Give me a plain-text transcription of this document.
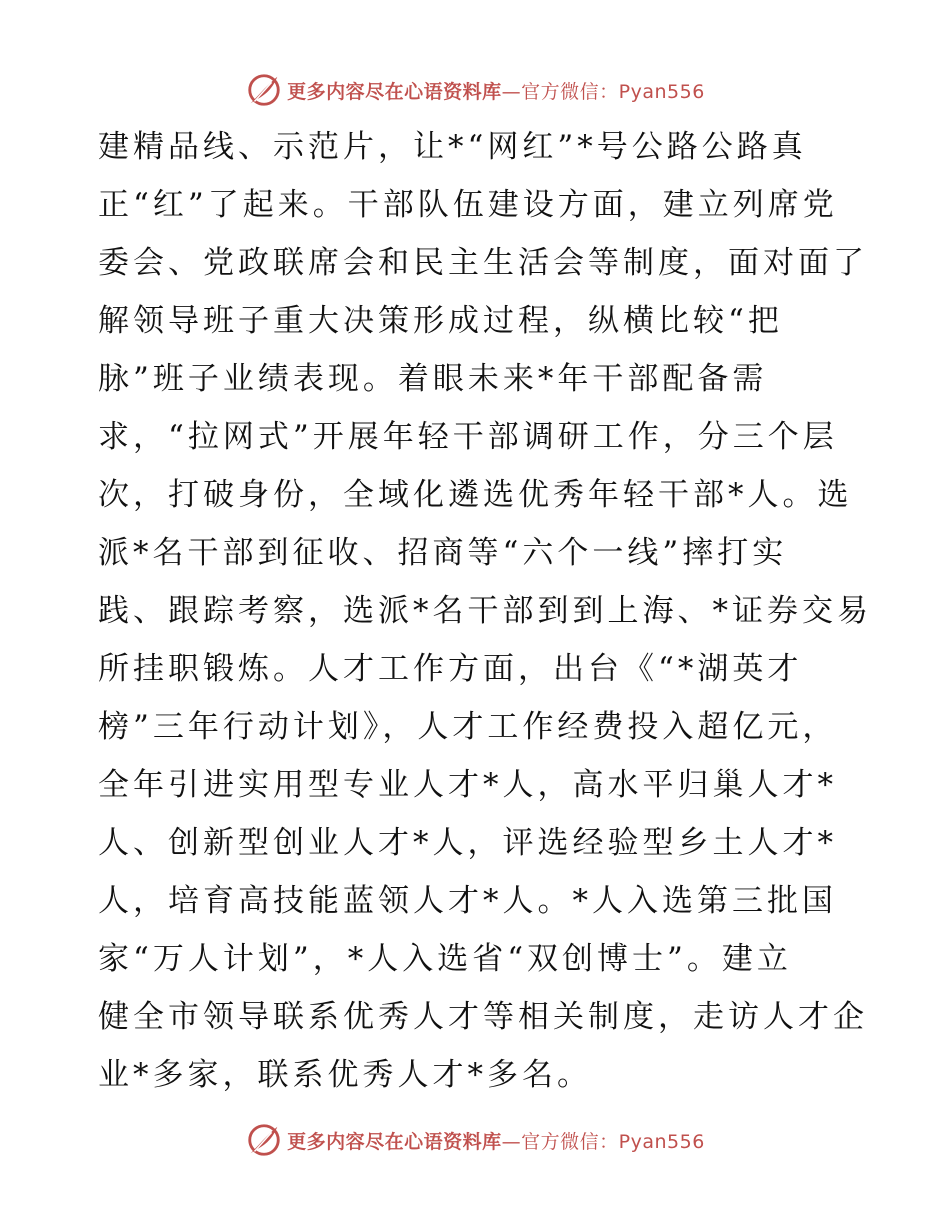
更多内容尽在心语资料库—官方微信：Pyan556
建精品线、示范片，让*“网红”*号公路公路真
正“红”了起来。干部队伍建设方面，建立列席党
委会、党政联席会和民主生活会等制度，面对面了
解领导班子重大决策形成过程，纵横比较“把
脉”班子业绩表现。着眼未来*年干部配备需
求，“拉网式”开展年轻干部调研工作，分三个层
次，打破身份，全域化遴选优秀年轻干部*人。选
派*名干部到征收、招商等“六个一线”摔打实
践、跟踪考察，选派*名干部到到上海、*证券交易
所挂职锻炼。人才工作方面，出台《“*湖英才
榜”三年行动计划》，人才工作经费投入超亿元，
全年引进实用型专业人才*人，高水平归巢人才*
人、创新型创业人才*人，评选经验型乡土人才*
人，培育高技能蓝领人才*人。*人入选第三批国
家“万人计划”，*人入选省“双创博士”。建立
健全市领导联系优秀人才等相关制度，走访人才企
业*多家，联系优秀人才*多名。
更多内容尽在心语资料库—官方微信：Pyan556
